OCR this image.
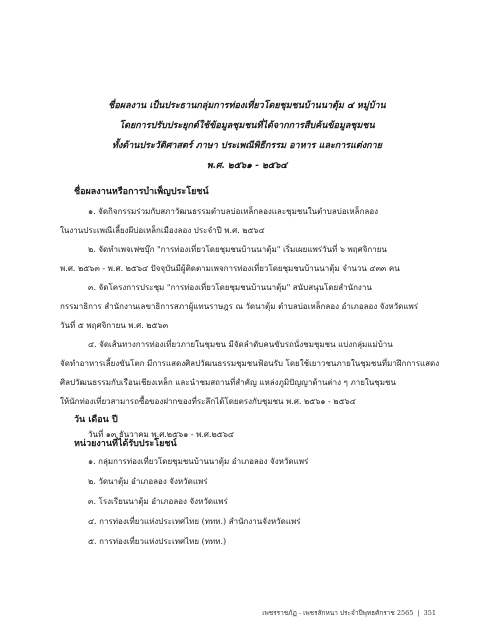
ชื่อผลงาน เป็นประธานกลุ่มการท่องเที่ยวโดยชุมชนบ้านนาตุ้ม ๔ หมู่บ้าน
โดยการปรับประยุกต์ใช้ข้อมูลชุมชนที่ได้จากการสืบค้นข้อมูลชุมชน
ทั้งด้านประวัติศาสตร์ ภาษา ประเพณีพิธีกรรม อาหาร และการแต่งกาย
พ.ศ. ๒๕๖๑ - ๒๕๖๔
ชื่อผลงานหรือการบำเพ็ญประโยชน์
๑. จัดกิจกรรมร่วมกับสภาวัฒนธรรมตำบลบ่อเหล็กลองและชุมชนในตำบลบ่อเหล็กลอง
ในงานประเพณีเลี้ยงผีบ่อเหล็กเมืองลอง ประจำปี พ.ศ. ๒๕๖๔
๒. จัดทำเพจเฟซบุ๊ก "การท่องเที่ยวโดยชุมชนบ้านนาตุ้ม" เริ่มเผยแพร่วันที่ ๖ พฤศจิกายน
พ.ศ. ๒๕๖๓ - พ.ศ. ๒๕๖๔ ปัจจุบันมีผู้ติดตามเพจการท่องเที่ยวโดยชุมชนบ้านนาตุ้ม จำนวน ๔๓๓ คน
๓. จัดโครงการประชุม "การท่องเที่ยวโดยชุมชนบ้านนาตุ้ม" สนับสนุนโดยสำนักงาน
กรรมาธิการ สำนักงานเลขาธิการสภาผู้แทนราษฎร ณ วัดนาตุ้ม ตำบลบ่อเหล็กลอง อำเภอลอง จังหวัดแพร่
วันที่ ๕ พฤศจิกายน พ.ศ. ๒๕๖๓
๔. จัดเส้นทางการท่องเที่ยวภายในชุมชน มีจัดลำดับคนขับรถนั่งชมชุมชน แบ่งกลุ่มแม่บ้าน
จัดทำอาหารเลี้ยงขันโตก มีการแสดงศิลปวัฒนธรรมชุมชนฟ้อนรับ โดยใช้เยาวชนภายในชุมชนที่มาฝึกการแสดง
ศิลปวัฒนธรรมกับเรือนเชียงเหล็ก และนำชมสถานที่สำคัญ แหล่งภูมิปัญญาด้านต่าง ๆ ภายในชุมชน
ให้นักท่องเที่ยวสามารถซื้อของฝากของที่ระลึกได้โดยตรงกับชุมชน พ.ศ. ๒๕๖๑ - ๒๕๖๔
วัน เดือน ปี
วันที่ ๑๓ ธันวาคม พ.ศ.๒๕๖๑ - พ.ศ.๒๕๖๔
หน่วยงานที่ได้รับประโยชน์
๑. กลุ่มการท่องเที่ยวโดยชุมชนบ้านนาตุ้ม อำเภอลอง จังหวัดแพร่
๒. วัดนาตุ้ม อำเภอลอง จังหวัดแพร่
๓. โรงเรียนนาตุ้ม อำเภอลอง จังหวัดแพร่
๔. การท่องเที่ยวแห่งประเทศไทย (ททท.) สำนักงานจังหวัดแพร่
๕. การท่องเที่ยวแห่งประเทศไทย (ททท.)
เพชรราชภัฏ - เพชรสักหนา ประจำปีพุทธศักราช 2565 | 351
